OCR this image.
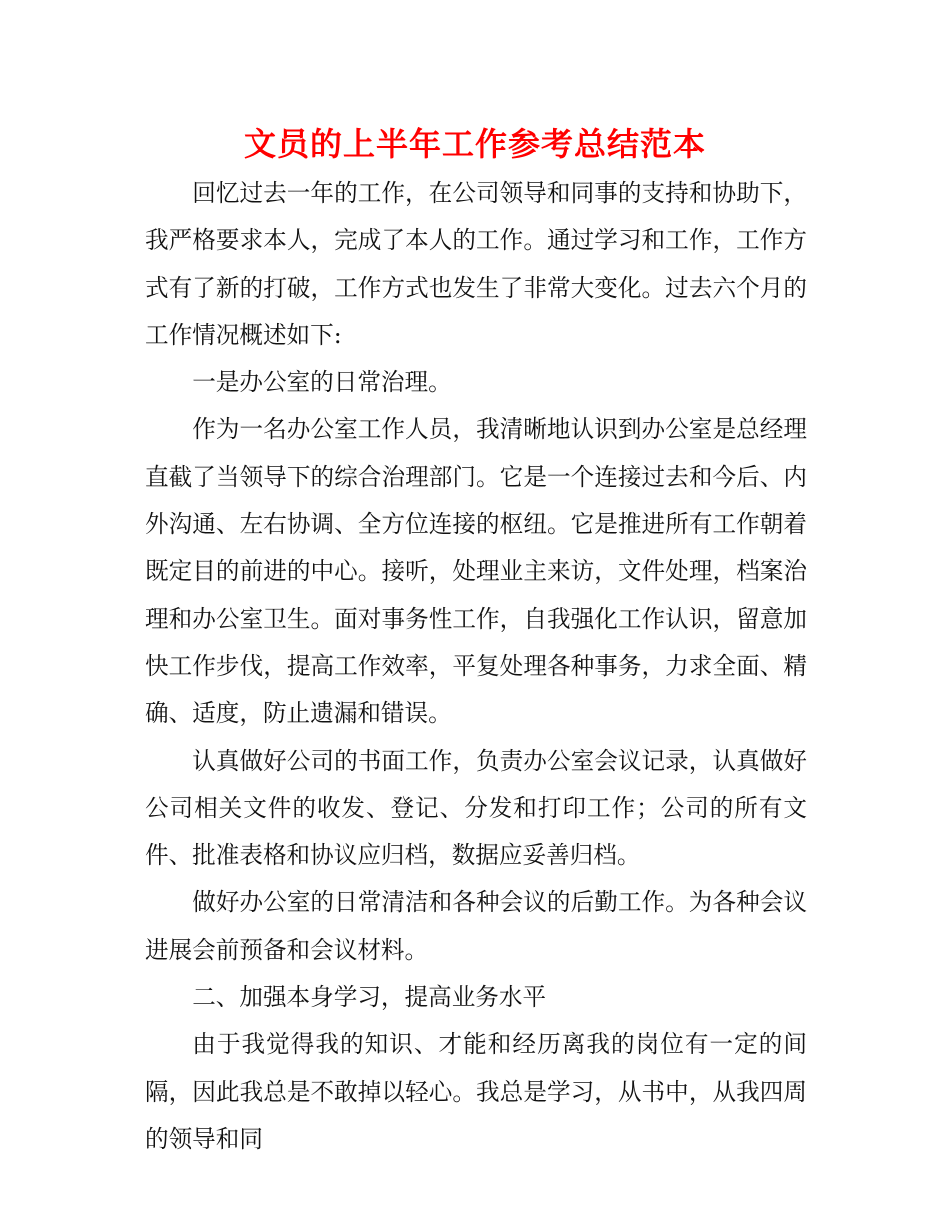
文员的上半年工作参考总结范本

回忆过去一年的工作，在公司领导和同事的支持和协助下，我严格要求本人，完成了本人的工作。通过学习和工作，工作方式有了新的打破，工作方式也发生了非常大变化。过去六个月的工作情况概述如下:

一是办公室的日常治理。

作为一名办公室工作人员，我清晰地认识到办公室是总经理直截了当领导下的综合治理部门。它是一个连接过去和今后、内外沟通、左右协调、全方位连接的枢纽。它是推进所有工作朝着既定目的前进的中心。接听，处理业主来访，文件处理，档案治理和办公室卫生。面对事务性工作，自我强化工作认识，留意加快工作步伐，提高工作效率，平复处理各种事务，力求全面、精确、适度，防止遗漏和错误。

认真做好公司的书面工作，负责办公室会议记录，认真做好公司相关文件的收发、登记、分发和打印工作；公司的所有文件、批准表格和协议应归档，数据应妥善归档。

做好办公室的日常清洁和各种会议的后勤工作。为各种会议进展会前预备和会议材料。

二、加强本身学习，提高业务水平

由于我觉得我的知识、才能和经历离我的岗位有一定的间隔，因此我总是不敢掉以轻心。我总是学习，从书中，从我四周的领导和同
